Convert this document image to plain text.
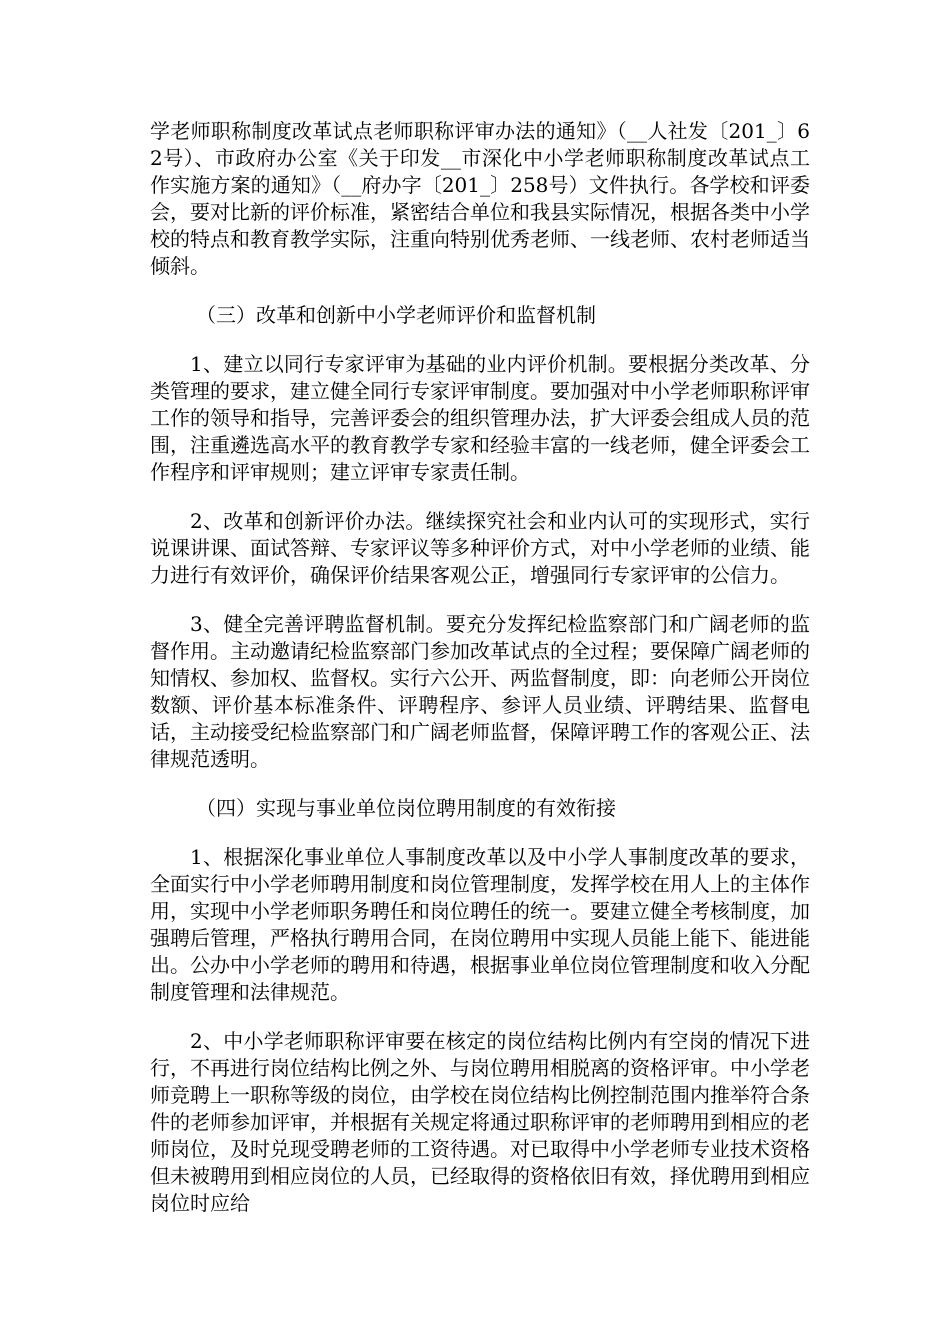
学老师职称制度改革试点老师职称评审办法的通知》（__人社发〔201_〕62号）、市政府办公室《关于印发__市深化中小学老师职称制度改革试点工作实施方案的通知》（__府办字〔201_〕258号）文件执行。各学校和评委会，要对比新的评价标准，紧密结合单位和我县实际情况，根据各类中小学校的特点和教育教学实际，注重向特别优秀老师、一线老师、农村老师适当倾斜。

（三）改革和创新中小学老师评价和监督机制

1、建立以同行专家评审为基础的业内评价机制。要根据分类改革、分类管理的要求，建立健全同行专家评审制度。要加强对中小学老师职称评审工作的领导和指导，完善评委会的组织管理办法，扩大评委会组成人员的范围，注重遴选高水平的教育教学专家和经验丰富的一线老师，健全评委会工作程序和评审规则；建立评审专家责任制。

2、改革和创新评价办法。继续探究社会和业内认可的实现形式，实行说课讲课、面试答辩、专家评议等多种评价方式，对中小学老师的业绩、能力进行有效评价，确保评价结果客观公正，增强同行专家评审的公信力。

3、健全完善评聘监督机制。要充分发挥纪检监察部门和广阔老师的监督作用。主动邀请纪检监察部门参加改革试点的全过程；要保障广阔老师的知情权、参加权、监督权。实行六公开、两监督制度，即：向老师公开岗位数额、评价基本标准条件、评聘程序、参评人员业绩、评聘结果、监督电话，主动接受纪检监察部门和广阔老师监督，保障评聘工作的客观公正、法律规范透明。

（四）实现与事业单位岗位聘用制度的有效衔接

1、根据深化事业单位人事制度改革以及中小学人事制度改革的要求，全面实行中小学老师聘用制度和岗位管理制度，发挥学校在用人上的主体作用，实现中小学老师职务聘任和岗位聘任的统一。要建立健全考核制度，加强聘后管理，严格执行聘用合同，在岗位聘用中实现人员能上能下、能进能出。公办中小学老师的聘用和待遇，根据事业单位岗位管理制度和收入分配制度管理和法律规范。

2、中小学老师职称评审要在核定的岗位结构比例内有空岗的情况下进行，不再进行岗位结构比例之外、与岗位聘用相脱离的资格评审。中小学老师竞聘上一职称等级的岗位，由学校在岗位结构比例控制范围内推举符合条件的老师参加评审，并根据有关规定将通过职称评审的老师聘用到相应的老师岗位，及时兑现受聘老师的工资待遇。对已取得中小学老师专业技术资格但未被聘用到相应岗位的人员，已经取得的资格依旧有效，择优聘用到相应岗位时应给
